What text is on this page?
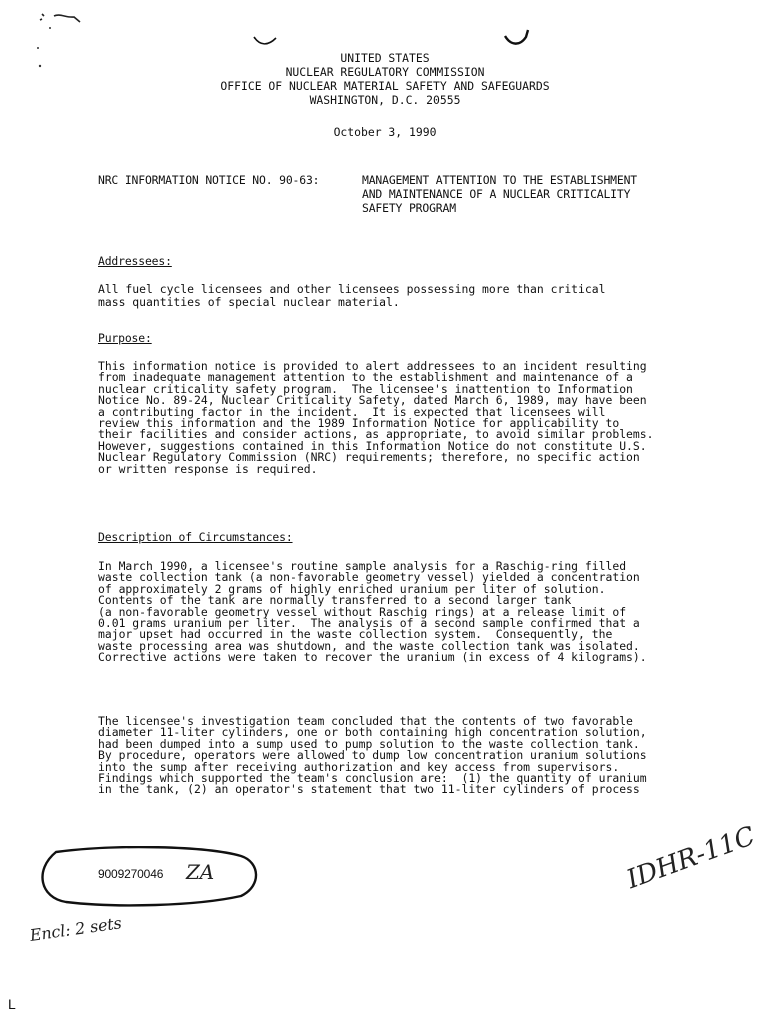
UNITED STATES
NUCLEAR REGULATORY COMMISSION
OFFICE OF NUCLEAR MATERIAL SAFETY AND SAFEGUARDS
WASHINGTON, D.C. 20555
October 3, 1990
NRC INFORMATION NOTICE NO. 90-63:	MANAGEMENT ATTENTION TO THE ESTABLISHMENT
AND MAINTENANCE OF A NUCLEAR CRITICALITY
SAFETY PROGRAM
Addressees:
All fuel cycle licensees and other licensees possessing more than critical
mass quantities of special nuclear material.
Purpose:
This information notice is provided to alert addressees to an incident resulting
from inadequate management attention to the establishment and maintenance of a
nuclear criticality safety program.  The licensee's inattention to Information
Notice No. 89-24, Nuclear Criticality Safety, dated March 6, 1989, may have been
a contributing factor in the incident.  It is expected that licensees will
review this information and the 1989 Information Notice for applicability to
their facilities and consider actions, as appropriate, to avoid similar problems.
However, suggestions contained in this Information Notice do not constitute U.S.
Nuclear Regulatory Commission (NRC) requirements; therefore, no specific action
or written response is required.
Description of Circumstances:
In March 1990, a licensee's routine sample analysis for a Raschig-ring filled
waste collection tank (a non-favorable geometry vessel) yielded a concentration
of approximately 2 grams of highly enriched uranium per liter of solution.
Contents of the tank are normally transferred to a second larger tank
(a non-favorable geometry vessel without Raschig rings) at a release limit of
0.01 grams uranium per liter.  The analysis of a second sample confirmed that a
major upset had occurred in the waste collection system.  Consequently, the
waste processing area was shutdown, and the waste collection tank was isolated.
Corrective actions were taken to recover the uranium (in excess of 4 kilograms).
The licensee's investigation team concluded that the contents of two favorable
diameter 11-liter cylinders, one or both containing high concentration solution,
had been dumped into a sump used to pump solution to the waste collection tank.
By procedure, operators were allowed to dump low concentration uranium solutions
into the sump after receiving authorization and key access from supervisors.
Findings which supported the team's conclusion are:  (1) the quantity of uranium
in the tank, (2) an operator's statement that two 11-liter cylinders of process
9009270046 ZA	IDHR-11C
Encl: 2 sets
L
